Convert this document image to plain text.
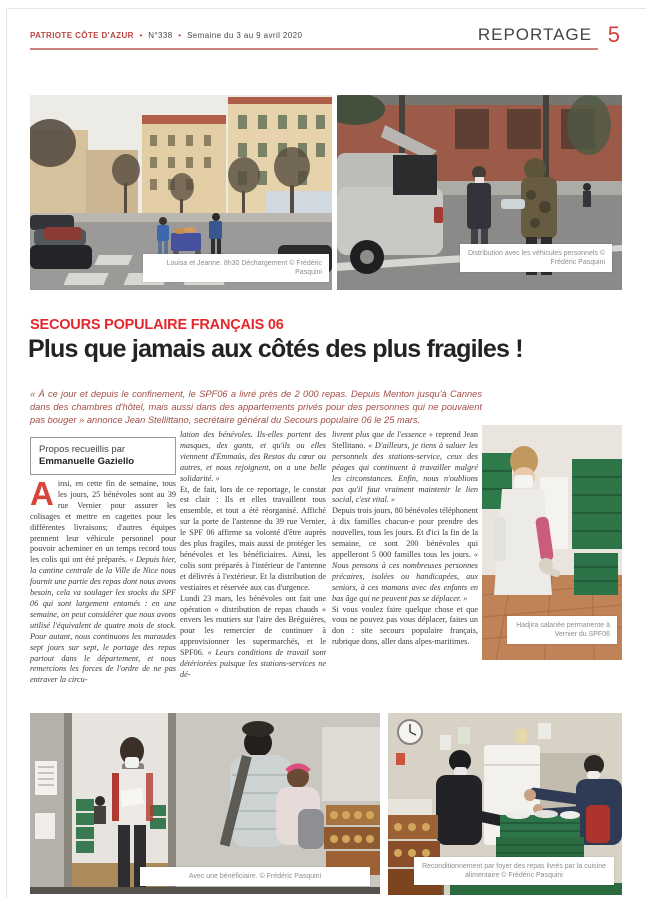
PATRIOTE CÔTE D'AZUR • N°338 • Semaine du 3 au 9 avril 2020	REPORTAGE 5
Louisa et Jeanne. 8h30 Déchargement © Frédéric Pasquini
Distribution avec les véhicules personnels © Frédéric Pasquini
SECOURS POPULAIRE FRANÇAIS 06
Plus que jamais aux côtés des plus fragiles !
« À ce jour et depuis le confinement, le SPF06 a livré près de 2 000 repas. Depuis Menton jusqu'à Cannes dans des chambres d'hôtel, mais aussi dans des appartements privés pour des personnes qui ne pouvaient pas bouger » annonce Jean Stellittano, secrétaire général du Secours populaire 06 le 25 mars.
Propos recueillis par
Emmanuelle Gaziello

Ainsi, en cette fin de semaine, tous les jours, 25 bénévoles sont au 39 rue Vernier pour assurer les colisages et mettre en cagettes pour les différentes livraisons; d'autres équipes prennent leur véhicule personnel pour pouvoir acheminer en un temps record tous les colis qui ont été préparés. « Depuis hier, la cantine centrale de la Ville de Nice nous fournit une partie des repas dont nous avons besoin, cela va soulager les stocks du SPF 06 qui sont largement entamés : en une semaine, on peut considérer que nous avons utilisé l'équivalent de quatre mois de stock. Pour autant, nous continuons les maraudes sept jours sur sept, le portage des repas partout dans le département, et nous remercions les forces de l'ordre de ne pas entraver la circu-

lation des bénévoles. Ils-elles portent des masques, des gants, et qu'ils ou elles viennent d'Emmaüs, des Restos du cœur ou autres, et nous rejoignent, on a une belle solidarité. »

Et, de fait, lors de ce reportage, le constat est clair : Ils et elles travaillent tous ensemble, et tout a été réorganisé. Affiché sur la porte de l'antenne du 39 rue Vernier, le SPF 06 affirme sa volonté d'être auprès des plus fragiles, mais aussi de protéger les bénévoles et les bénéficiaires. Ainsi, les colis sont préparés à l'intérieur de l'antenne et délivrés à l'extérieur. Et la distribution de vestiaires et réservée aux cas d'urgence.

Lundi 23 mars, les bénévoles ont fait une opération « distribution de repas chauds » envers les routiers sur l'aire des Bréguières, pour les remercier de continuer à approvisionner les supermarchés, et le SPF06. « Leurs conditions de travail sont détériorées puisque les stations-services ne dé-

livrent plus que de l'essence » reprend Jean Stellitano. « D'ailleurs, je tiens à saluer les personnels des stations-service, ceux des péages qui continuent à travailler malgré les circonstances. Enfin, nous n'oublions pas qu'il faut vraiment maintenir le lien social, c'est vital. »

Depuis trois jours, 80 bénévoles téléphonent à dix familles chacun-e pour prendre des nouvelles, tous les jours. Et d'ici la fin de la semaine, ce sont 200 bénévoles qui appelleront 5 000 familles tous les jours. « Nous pensons à ces nombreuses personnes précaires, isolées ou handicapées, aux seniors, à ces mamans avec des enfants en bas âge qui ne peuvent pas se déplacer. »

Si vous voulez faire quelque chose et que vous ne pouvez pas vous déplacer, faites un don : site secours populaire français, rubrique dons, aller dans alpes-maritimes.

Hadjira salariée permanente à Vernier du SPF06
Avec une bénéficiaire. © Frédéric Pasquini
Reconditionnement par foyer des repas livrés par la cuisine alimentaire © Frédéric Pasquini
